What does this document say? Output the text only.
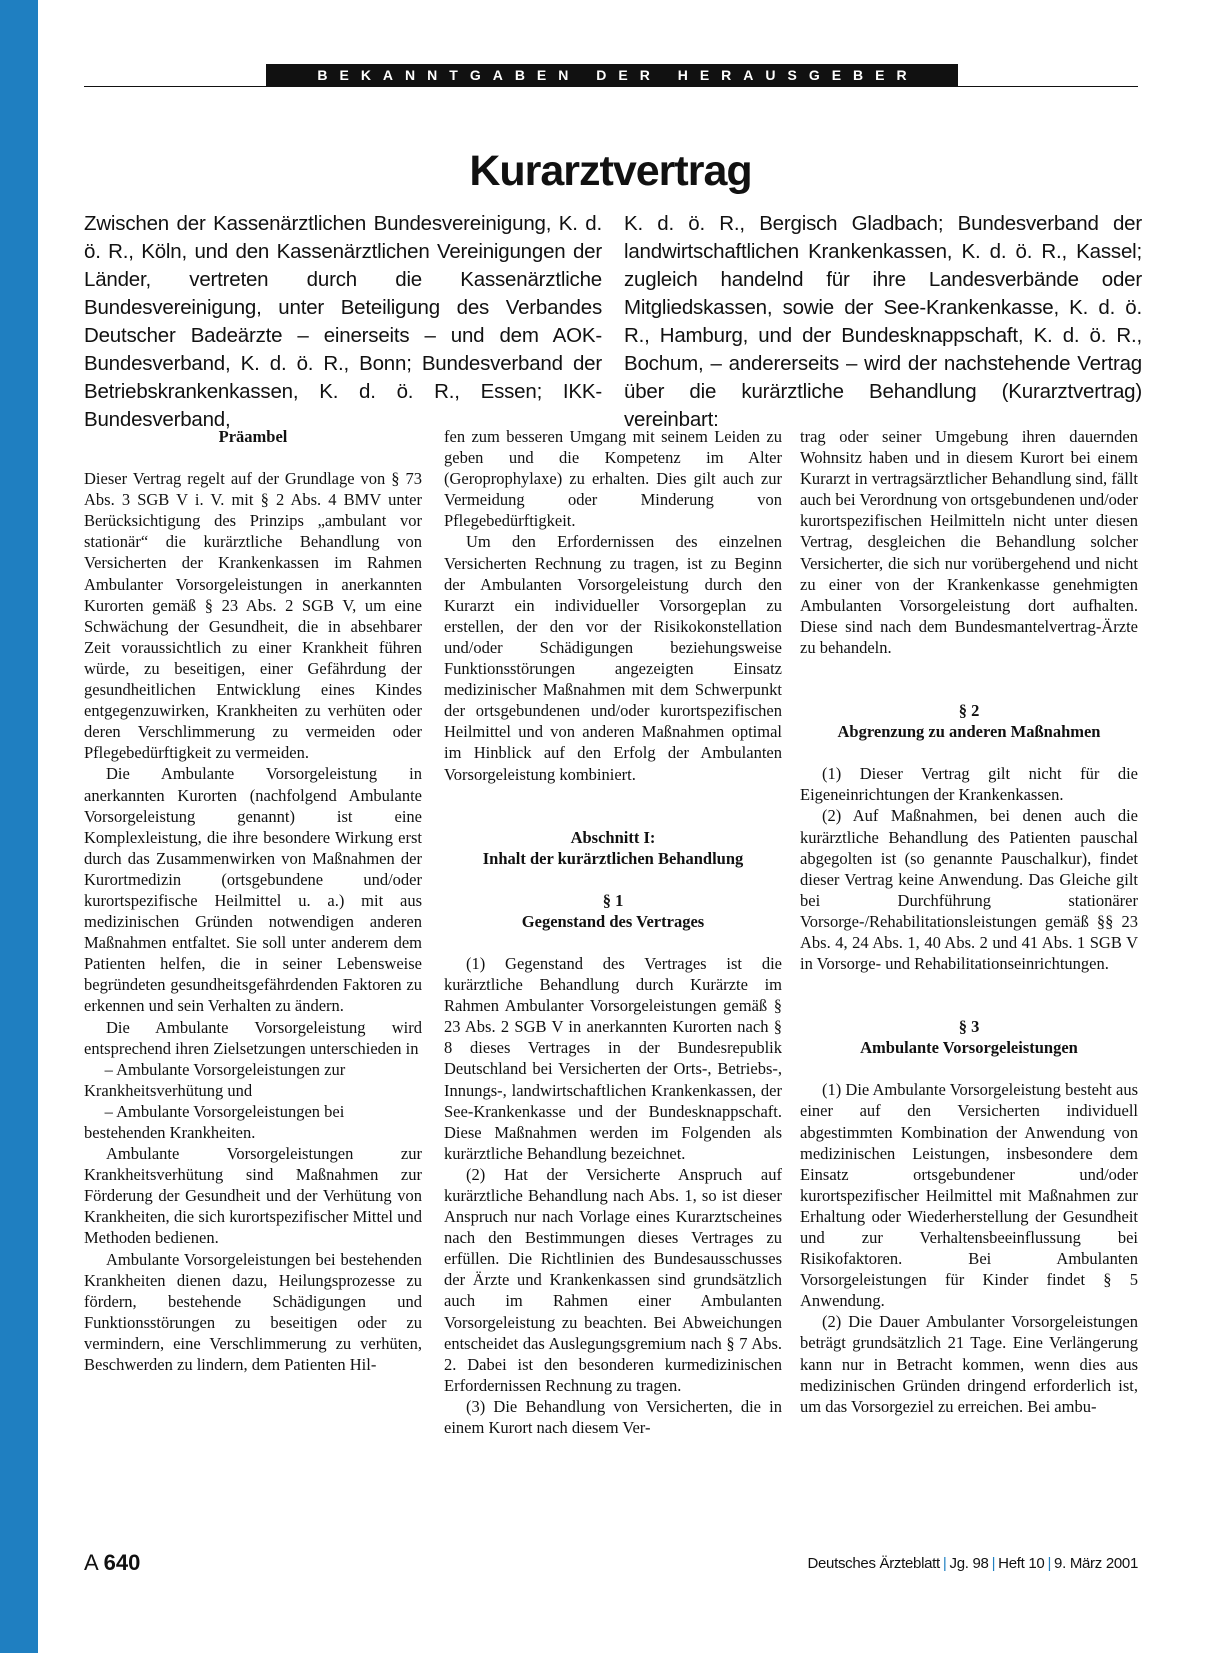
BEKANNTGABEN DER HERAUSGEBER
Kurarztvertrag
Zwischen der Kassenärztlichen Bundesvereinigung, K. d. ö. R., Köln, und den Kassenärztlichen Vereinigungen der Länder, vertreten durch die Kassenärztliche Bundesvereinigung, unter Beteiligung des Verbandes Deutscher Badeärzte – einerseits – und dem AOK-Bundesverband, K. d. ö. R., Bonn; Bundesverband der Betriebskrankenkassen, K. d. ö. R., Essen; IKK-Bundesverband,
K. d. ö. R., Bergisch Gladbach; Bundesverband der landwirtschaftlichen Krankenkassen, K. d. ö. R., Kassel; zugleich handelnd für ihre Landesverbände oder Mitgliedskassen, sowie der See-Krankenkasse, K. d. ö. R., Hamburg, und der Bundesknappschaft, K. d. ö. R., Bochum, – andererseits – wird der nachstehende Vertrag über die kurärztliche Behandlung (Kurarztvertrag) vereinbart:
Präambel

Dieser Vertrag regelt auf der Grundlage von § 73 Abs. 3 SGB V i. V. mit § 2 Abs. 4 BMV unter Berücksichtigung des Prinzips „ambulant vor stationär“ die kurärztliche Behandlung von Versicherten der Krankenkassen im Rahmen Ambulanter Vorsorgeleistungen in anerkannten Kurorten gemäß § 23 Abs. 2 SGB V, um eine Schwächung der Gesundheit, die in absehbarer Zeit voraussichtlich zu einer Krankheit führen würde, zu beseitigen, einer Gefährdung der gesundheitlichen Entwicklung eines Kindes entgegenzuwirken, Krankheiten zu verhüten oder deren Verschlimmerung zu vermeiden oder Pflegebedürftigkeit zu vermeiden.

Die Ambulante Vorsorgeleistung in anerkannten Kurorten (nachfolgend Ambulante Vorsorgeleistung genannt) ist eine Komplexleistung, die ihre besondere Wirkung erst durch das Zusammenwirken von Maßnahmen der Kurortmedizin (ortsgebundene und/oder kurortspezifische Heilmittel u. a.) mit aus medizinischen Gründen notwendigen anderen Maßnahmen entfaltet. Sie soll unter anderem dem Patienten helfen, die in seiner Lebensweise begründeten gesundheitsgefährdenden Faktoren zu erkennen und sein Verhalten zu ändern.

Die Ambulante Vorsorgeleistung wird entsprechend ihren Zielsetzungen unterschieden in

– Ambulante Vorsorgeleistungen zur Krankheitsverhütung und

– Ambulante Vorsorgeleistungen bei bestehenden Krankheiten.

Ambulante Vorsorgeleistungen zur Krankheitsverhütung sind Maßnahmen zur Förderung der Gesundheit und der Verhütung von Krankheiten, die sich kurortspezifischer Mittel und Methoden bedienen.

Ambulante Vorsorgeleistungen bei bestehenden Krankheiten dienen dazu, Heilungsprozesse zu fördern, bestehende Schädigungen und Funktionsstörungen zu beseitigen oder zu vermindern, eine Verschlimmerung zu verhüten, Beschwerden zu lindern, dem Patienten Hil-

fen zum besseren Umgang mit seinem Leiden zu geben und die Kompetenz im Alter (Geroprophylaxe) zu erhalten. Dies gilt auch zur Vermeidung oder Minderung von Pflegebedürftigkeit.

Um den Erfordernissen des einzelnen Versicherten Rechnung zu tragen, ist zu Beginn der Ambulanten Vorsorgeleistung durch den Kurarzt ein individueller Vorsorgeplan zu erstellen, der den vor der Risikokonstellation und/oder Schädigungen beziehungsweise Funktionsstörungen angezeigten Einsatz medizinischer Maßnahmen mit dem Schwerpunkt der ortsgebundenen und/oder kurortspezifischen Heilmittel und von anderen Maßnahmen optimal im Hinblick auf den Erfolg der Ambulanten Vorsorgeleistung kombiniert.

Abschnitt I:
Inhalt der kurärztlichen Behandlung
§ 1
Gegenstand des Vertrages

(1) Gegenstand des Vertrages ist die kurärztliche Behandlung durch Kurärzte im Rahmen Ambulanter Vorsorgeleistungen gemäß § 23 Abs. 2 SGB V in anerkannten Kurorten nach § 8 dieses Vertrages in der Bundesrepublik Deutschland bei Versicherten der Orts-, Betriebs-, Innungs-, landwirtschaftlichen Krankenkassen, der See-Krankenkasse und der Bundesknappschaft. Diese Maßnahmen werden im Folgenden als kurärztliche Behandlung bezeichnet.

(2) Hat der Versicherte Anspruch auf kurärztliche Behandlung nach Abs. 1, so ist dieser Anspruch nur nach Vorlage eines Kurarztscheines nach den Bestimmungen dieses Vertrages zu erfüllen. Die Richtlinien des Bundesausschusses der Ärzte und Krankenkassen sind grundsätzlich auch im Rahmen einer Ambulanten Vorsorgeleistung zu beachten. Bei Abweichungen entscheidet das Auslegungsgremium nach § 7 Abs. 2. Dabei ist den besonderen kurmedizinischen Erfordernissen Rechnung zu tragen.

(3) Die Behandlung von Versicherten, die in einem Kurort nach diesem Ver-

trag oder seiner Umgebung ihren dauernden Wohnsitz haben und in diesem Kurort bei einem Kurarzt in vertragsärztlicher Behandlung sind, fällt auch bei Verordnung von ortsgebundenen und/oder kurortspezifischen Heilmitteln nicht unter diesen Vertrag, desgleichen die Behandlung solcher Versicherter, die sich nur vorübergehend und nicht zu einer von der Krankenkasse genehmigten Ambulanten Vorsorgeleistung dort aufhalten. Diese sind nach dem Bundesmantelvertrag-Ärzte zu behandeln.

§ 2
Abgrenzung zu anderen Maßnahmen

(1) Dieser Vertrag gilt nicht für die Eigeneinrichtungen der Krankenkassen.

(2) Auf Maßnahmen, bei denen auch die kurärztliche Behandlung des Patienten pauschal abgegolten ist (so genannte Pauschalkur), findet dieser Vertrag keine Anwendung. Das Gleiche gilt bei Durchführung stationärer Vorsorge-/Rehabilitationsleistungen gemäß §§ 23 Abs. 4, 24 Abs. 1, 40 Abs. 2 und 41 Abs. 1 SGB V in Vorsorge- und Rehabilitationseinrichtungen.

§ 3
Ambulante Vorsorgeleistungen

(1) Die Ambulante Vorsorgeleistung besteht aus einer auf den Versicherten individuell abgestimmten Kombination der Anwendung von medizinischen Leistungen, insbesondere dem Einsatz ortsgebundener und/oder kurortspezifischer Heilmittel mit Maßnahmen zur Erhaltung oder Wiederherstellung der Gesundheit und zur Verhaltensbeeinflussung bei Risikofaktoren. Bei Ambulanten Vorsorgeleistungen für Kinder findet § 5 Anwendung.

(2) Die Dauer Ambulanter Vorsorgeleistungen beträgt grundsätzlich 21 Tage. Eine Verlängerung kann nur in Betracht kommen, wenn dies aus medizinischen Gründen dringend erforderlich ist, um das Vorsorgeziel zu erreichen. Bei ambu-

A 640	Deutsches Ärzteblatt | Jg. 98 | Heft 10 | 9. März 2001
